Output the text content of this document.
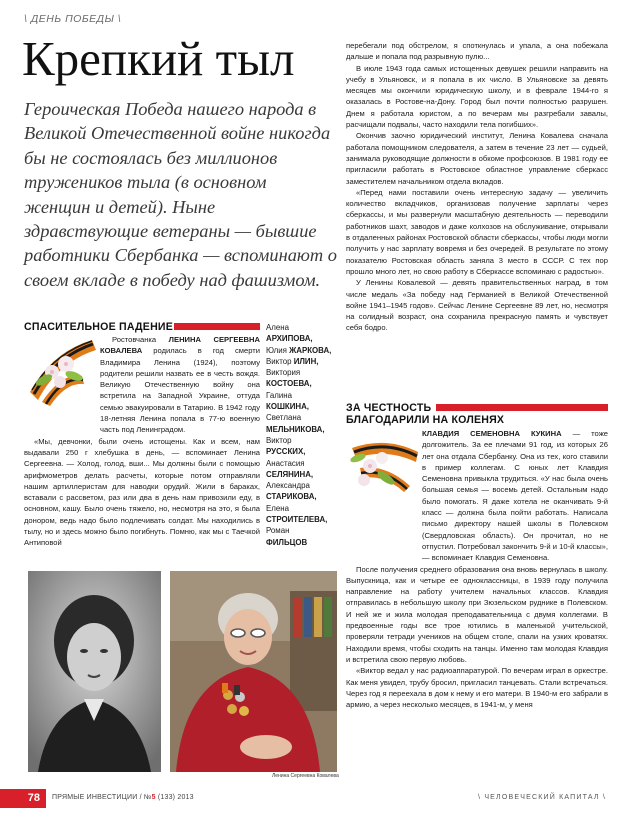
\ ДЕНЬ ПОБЕДЫ \
Крепкий тыл
Героическая Победа нашего народа в Великой Отечественной войне никогда бы не состоялась без миллионов тружеников тыла (в основном женщин и детей). Ныне здравствующие ветераны — бывшие работники Сбербанка — вспоминают о своем вкладе в победу над фашизмом.
СПАСИТЕЛЬНОЕ ПАДЕНИЕ

Ростовчанка ЛЕНИНА СЕРГЕЕВНА КОВАЛЕВА родилась в год смерти Владимира Ленина (1924), поэтому родители решили назвать ее в честь вождя. Великую Отечественную войну она встретила на Западной Украине, оттуда семью эвакуировали в Татарию. В 1942 году 18-летняя Ленина попала в 77-ю военную часть под Ленинградом.

«Мы, девчонки, были очень истощены. Как и всем, нам выдавали 250 г хлебушка в день, — вспоминает Ленина Сергеевна. — Холод, голод, вши... Мы должны были с помощью арифмометров делать расчеты, которые потом отправляли нашим артиллеристам для наводки орудий. Жили в бараках, вставали с рассветом, раз или два в день нам привозили еду, в основном, кашу. Было очень тяжело, но, несмотря на это, я была донором, ведь надо было подлечивать солдат. Мы находились в тылу, но и здесь можно было погибнуть. Помню, как мы с Таечкой Антиповой

Алена
АРХИПОВА,
Юлия ЖАРКОВА,
Виктор ИЛИН,
Виктория
КОСТОЕВА,
Галина
КОШКИНА,
Светлана
МЕЛЬНИКОВА,
Виктор
РУССКИХ,
Анастасия
СЕЛЯНИНА,
Александра
СТАРИКОВА,
Елена
СТРОИТЕЛЕВА,
Роман
ФИЛЬЦОВ
Ленина Сергеевна Ковалева

перебегали под обстрелом, я споткнулась и упала, а она побежала дальше и попала под разрывную пулю...

В июле 1943 года самых истощенных девушек решили направить на учебу в Ульяновск, и я попала в их число. В Ульяновске за девять месяцев мы окончили юридическую школу, и в феврале 1944-го я оказалась в Ростове-на-Дону. Город был почти полностью разрушен. Днем я работала юристом, а по вечерам мы разгребали завалы, расчищали подвалы, часто находили тела погибших».

Окончив заочно юридический институт, Ленина Ковалева сначала работала помощником следователя, а затем в течение 23 лет — судьей, занимала руководящие должности в обкоме профсоюзов. В 1981 году ее пригласили работать в Ростовское областное управление сберкасс заместителем начальником отдела вкладов.

«Перед нами поставили очень интересную задачу — увеличить количество вкладчиков, организовав получение зарплаты через сберкассы, и мы развернули масштабную деятельность — переводили работников шахт, заводов и даже колхозов на обслуживание, открывали в отдаленных районах Ростовской области сберкассы, чтобы люди могли получить у нас зарплату вовремя и без очередей. В результате по этому показателю Ростовская область заняла 3 место в СССР. С тех пор прошло много лет, но свою работу в Сберкассе вспоминаю с радостью».

У Ленины Ковалевой — девять правительственных наград, в том числе медаль «За победу над Германией в Великой Отечественной войне 1941–1945 годов». Сейчас Ленине Сергеевне 89 лет, но, несмотря на солидный возраст, она сохранила прекрасную память и чувствует себя бодро.

ЗА ЧЕСТНОСТЬ
БЛАГОДАРИЛИ НА КОЛЕНЯХ

КЛАВДИЯ СЕМЕНОВНА КУКИНА — тоже долгожитель. За ее плечами 91 год, из которых 26 лет она отдала Сбербанку. Она из тех, кого ставили в пример коллегам. С юных лет Клавдия Семеновна привыкла трудиться. «У нас была очень большая семья — восемь детей. Остальным надо было помогать. Я даже хотела не оканчивать 9-й класс — должна была пойти работать. Написала письмо директору нашей школы в Полевском (Свердловская область). Он прочитал, но не отпустил. Потребовал закончить 9-й и 10-й классы», — вспоминает Клавдия Семеновна.

После получения среднего образования она вновь вернулась в школу. Выпускница, как и четыре ее одноклассницы, в 1939 году получила направление на работу учителем начальных классов. Клавдия отправилась в небольшую школу при Зюзельском руднике в Полевском. И ней же и жила молодая преподавательница с двумя коллегами. В предвоенные годы все трое ютились в маленькой учительской, проверяли тетради учеников на общем столе, спали на узких кроватях. Находили время, чтобы сходить на танцы. Именно там молодая Клавдия и встретила свою первую любовь.

«Виктор ведал у нас радиоаппаратурой. По вечерам играл в оркестре. Как меня увидел, трубу бросил, пригласил танцевать. Стали встречаться. Через год я переехала в дом к нему и его матери. В 1940-м его забрали в армию, а через несколько месяцев, в 1941-м, у меня

78	ПРЯМЫЕ ИНВЕСТИЦИИ / №5 (133) 2013	\ ЧЕЛОВЕЧЕСКИЙ КАПИТАЛ \
